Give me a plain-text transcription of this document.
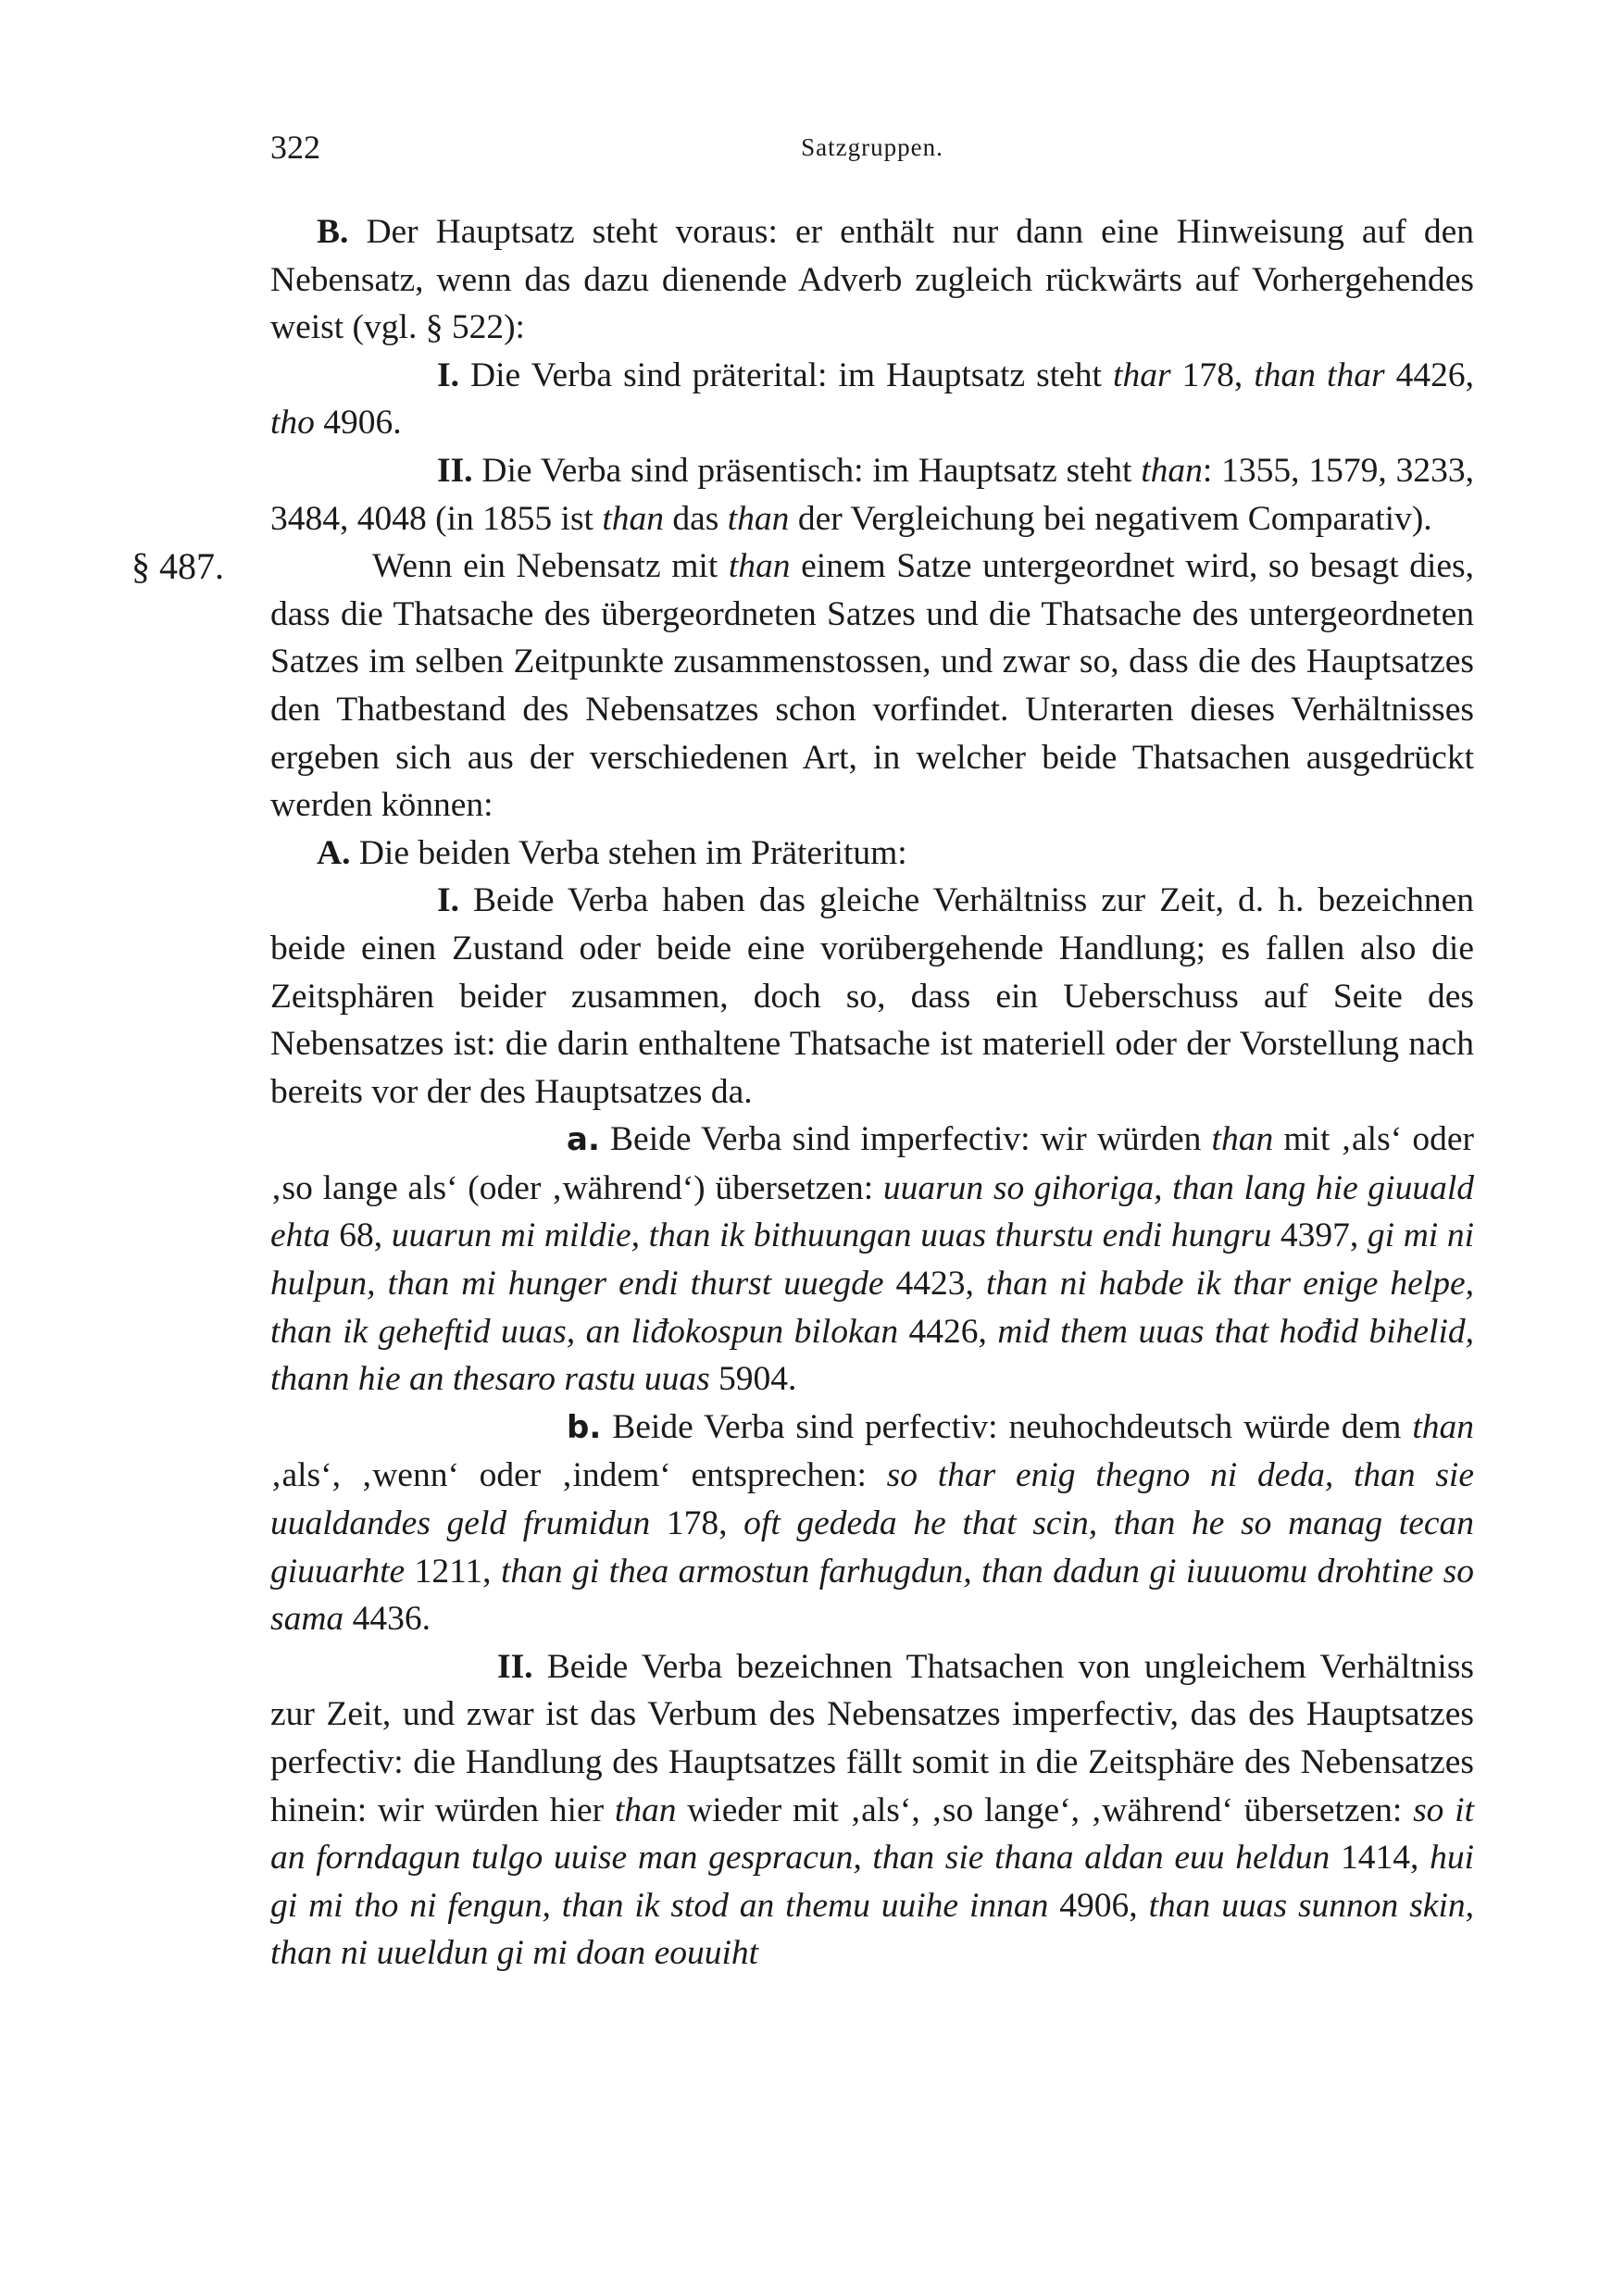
322	Satzgruppen.

B. Der Hauptsatz steht voraus: er enthält nur dann eine Hinweisung auf den Nebensatz, wenn das dazu dienende Adverb zugleich rückwärts auf Vorhergehendes weist (vgl. § 522):

I. Die Verba sind präterital: im Hauptsatz steht thar 178, than thar 4426, tho 4906.

II. Die Verba sind präsentisch: im Hauptsatz steht than: 1355, 1579, 3233, 3484, 4048 (in 1855 ist than das than der Vergleichung bei negativem Comparativ).

§ 487.	Wenn ein Nebensatz mit than einem Satze untergeordnet wird, so besagt dies, dass die Thatsache des übergeordneten Satzes und die Thatsache des untergeordneten Satzes im selben Zeitpunkte zusammenstossen, und zwar so, dass die des Hauptsatzes den Thatbestand des Nebensatzes schon vorfindet. Unterarten dieses Verhältnisses ergeben sich aus der verschiedenen Art, in welcher beide Thatsachen ausgedrückt werden können:

A. Die beiden Verba stehen im Präteritum:

I. Beide Verba haben das gleiche Verhältniss zur Zeit, d. h. bezeichnen beide einen Zustand oder beide eine vorübergehende Handlung; es fallen also die Zeitsphären beider zusammen, doch so, dass ein Ueberschuss auf Seite des Nebensatzes ist: die darin enthaltene Thatsache ist materiell oder der Vorstellung nach bereits vor der des Hauptsatzes da.

a. Beide Verba sind imperfectiv: wir würden than mit ‚als‘ oder ‚so lange als‘ (oder ‚während‘) übersetzen: uuarun so gihoriga, than lang hie giuuald ehta 68, uuarun mi mildie, than ik bithuungan uuas thurstu endi hungru 4397, gi mi ni hulpun, than mi hunger endi thurst uuegde 4423, than ni habde ik thar enige helpe, than ik geheftid uuas, an liđokospun bilokan 4426, mid them uuas that hođid bihelid, thann hie an thesaro rastu uuas 5904.

b. Beide Verba sind perfectiv: neuhochdeutsch würde dem than ‚als‘, ‚wenn‘ oder ‚indem‘ entsprechen: so thar enig thegno ni deda, than sie uualdandes geld frumidun 178, oft gededa he that scin, than he so manag tecan giuuarhte 1211, than gi thea armostun farhugdun, than dadun gi iuuuomu drohtine so sama 4436.

II. Beide Verba bezeichnen Thatsachen von ungleichem Verhältniss zur Zeit, und zwar ist das Verbum des Nebensatzes imperfectiv, das des Hauptsatzes perfectiv: die Handlung des Hauptsatzes fällt somit in die Zeitsphäre des Nebensatzes hinein: wir würden hier than wieder mit ‚als‘, ‚so lange‘, ‚während‘ übersetzen: so it an forndagun tulgo uuise man gespracun, than sie thana aldan euu heldun 1414, hui gi mi tho ni fengun, than ik stod an themu uuihe innan 4906, than uuas sunnon skin, than ni uueldun gi mi doan eouuiht
